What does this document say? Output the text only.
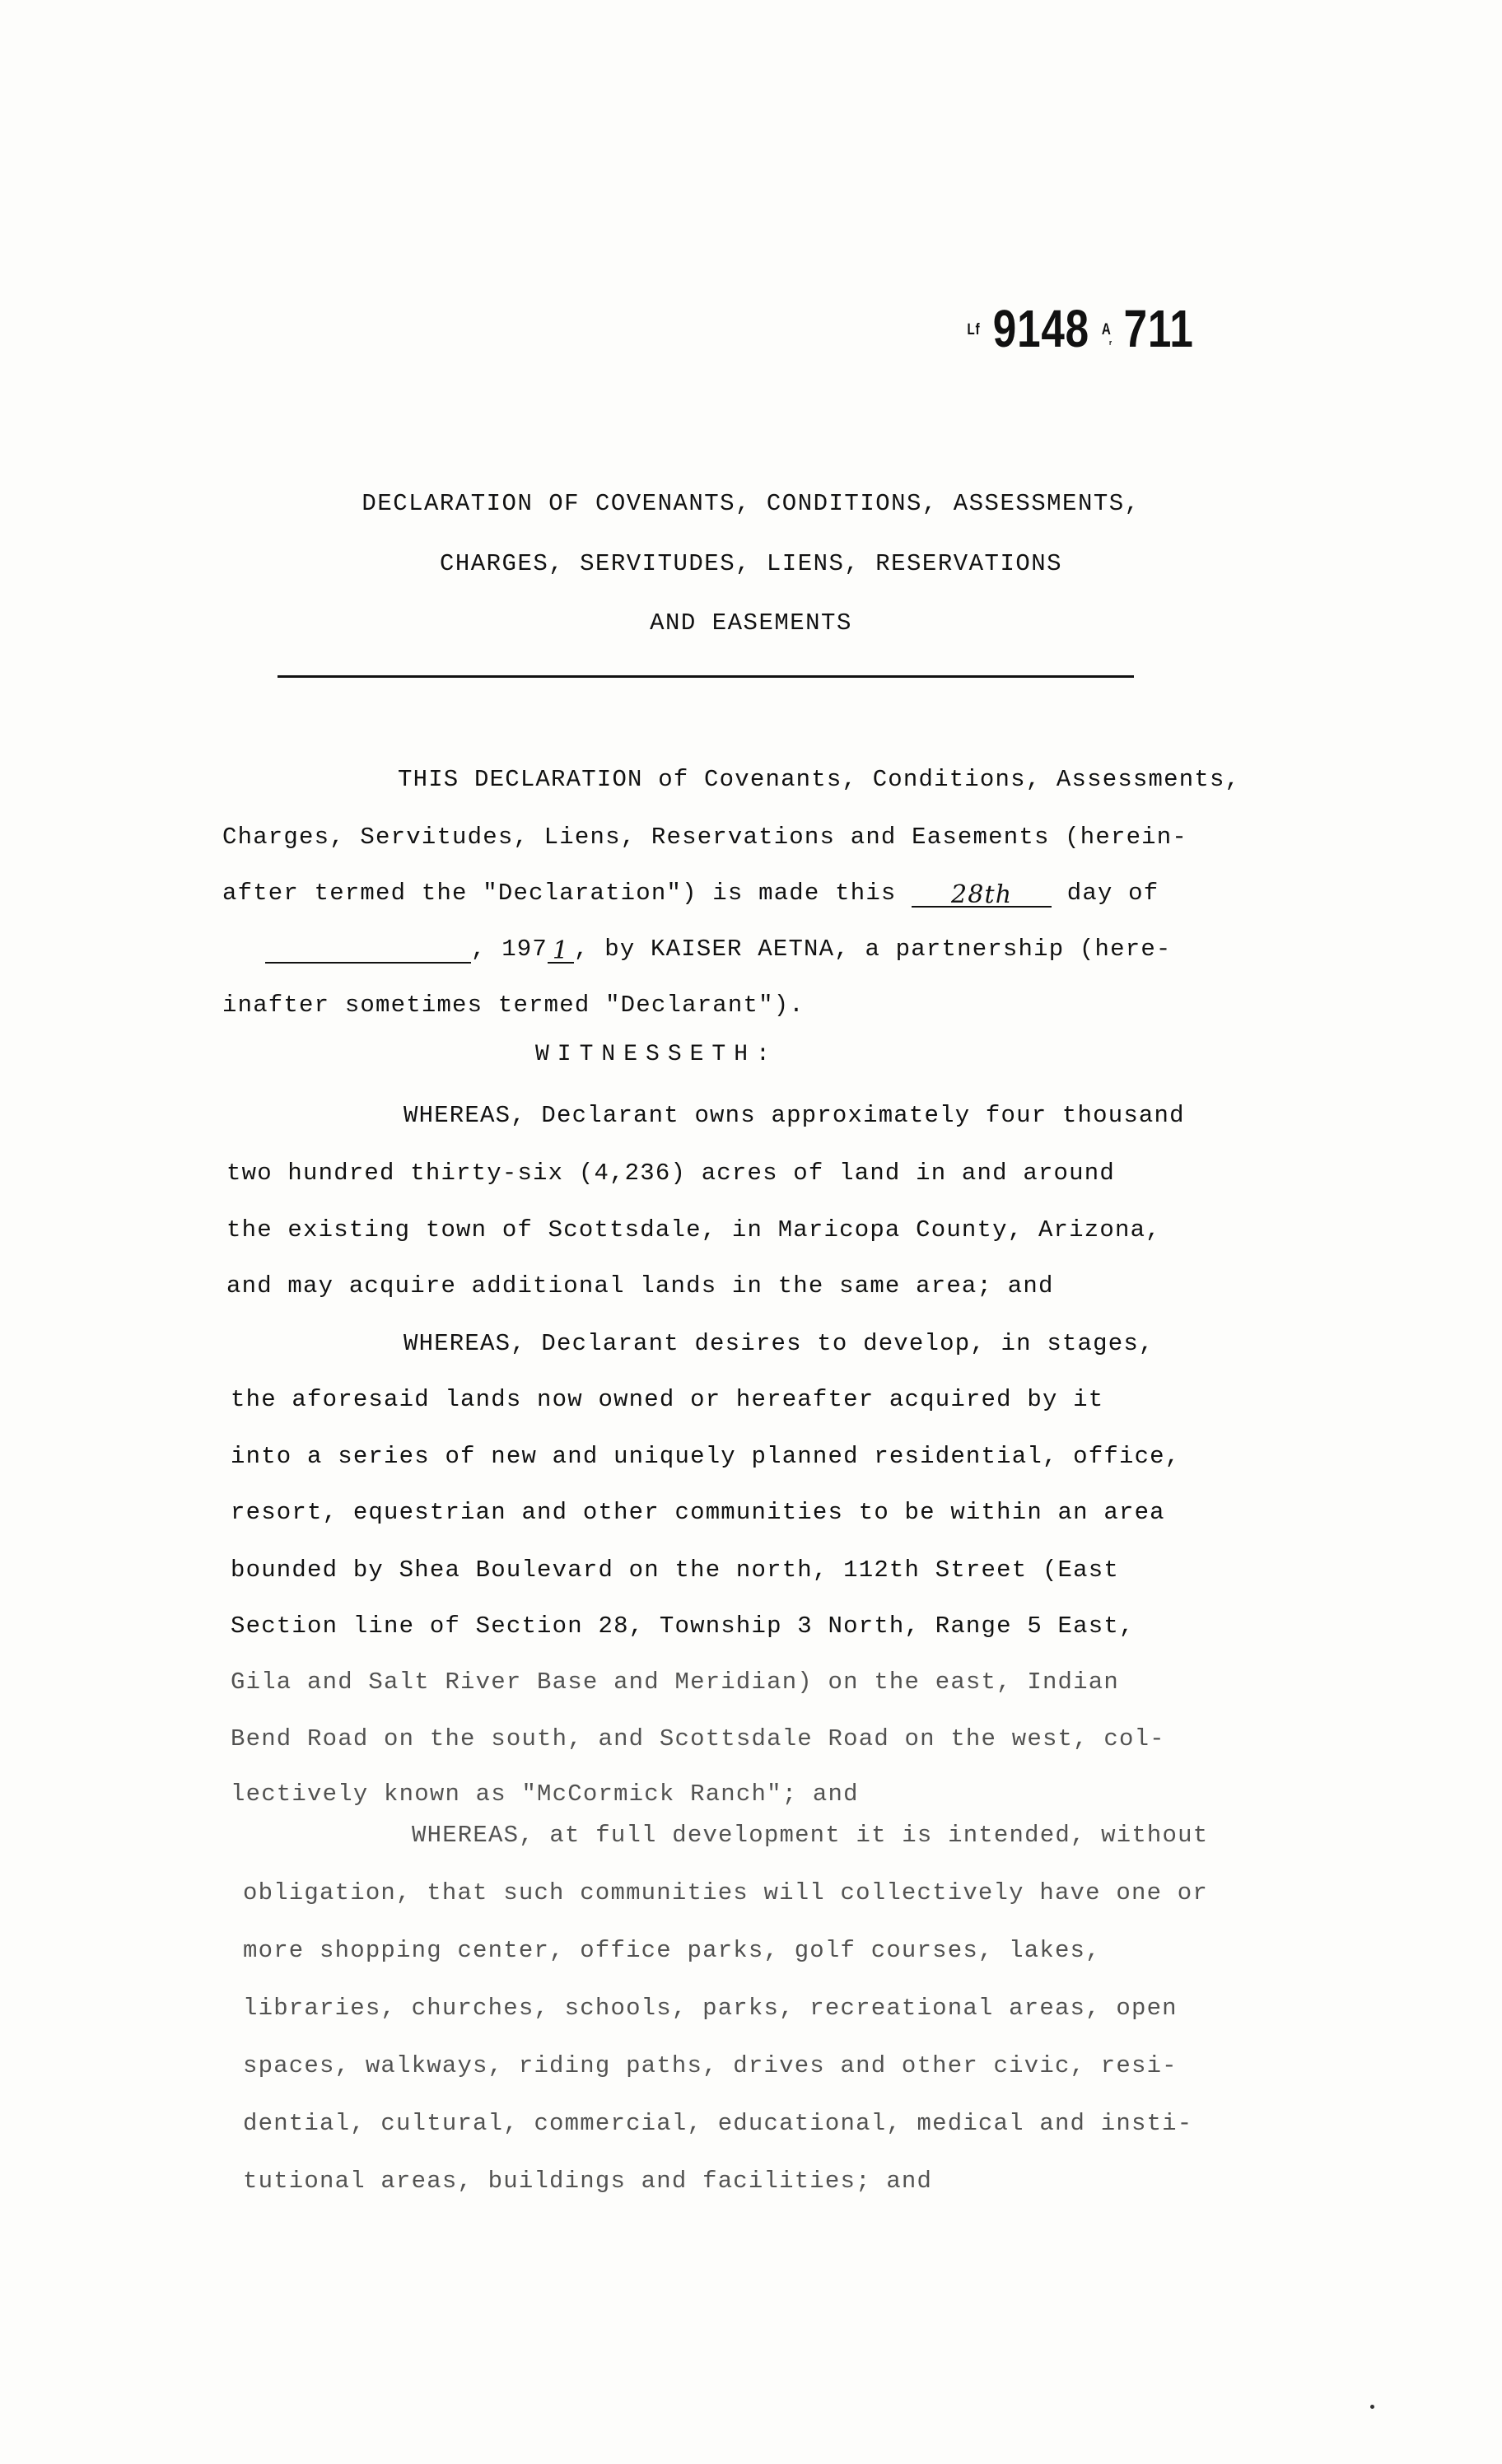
ᴸᶠ 9148 ᴬ᷊ 711
DECLARATION OF COVENANTS, CONDITIONS, ASSESSMENTS,
CHARGES, SERVITUDES, LIENS, RESERVATIONS
AND EASEMENTS
THIS DECLARATION of Covenants, Conditions, Assessments,
Charges, Servitudes, Liens, Reservations and Easements (herein-
after termed the "Declaration") is made this 28th day of
, 197 1 , by KAISER AETNA, a partnership (here-
inafter sometimes termed "Declarant").
WITNESSETH:
WHEREAS, Declarant owns approximately four thousand
two hundred thirty-six (4,236) acres of land in and around
the existing town of Scottsdale, in Maricopa County, Arizona,
and may acquire additional lands in the same area; and
WHEREAS, Declarant desires to develop, in stages,
the aforesaid lands now owned or hereafter acquired by it
into a series of new and uniquely planned residential, office,
resort, equestrian and other communities to be within an area
bounded by Shea Boulevard on the north, 112th Street (East
Section line of Section 28, Township 3 North, Range 5 East,
Gila and Salt River Base and Meridian) on the east, Indian
Bend Road on the south, and Scottsdale Road on the west, col-
lectively known as "McCormick Ranch"; and
WHEREAS, at full development it is intended, without
obligation, that such communities will collectively have one or
more shopping center, office parks, golf courses, lakes,
libraries, churches, schools, parks, recreational areas, open
spaces, walkways, riding paths, drives and other civic, resi-
dential, cultural, commercial, educational, medical and insti-
tutional areas, buildings and facilities; and
